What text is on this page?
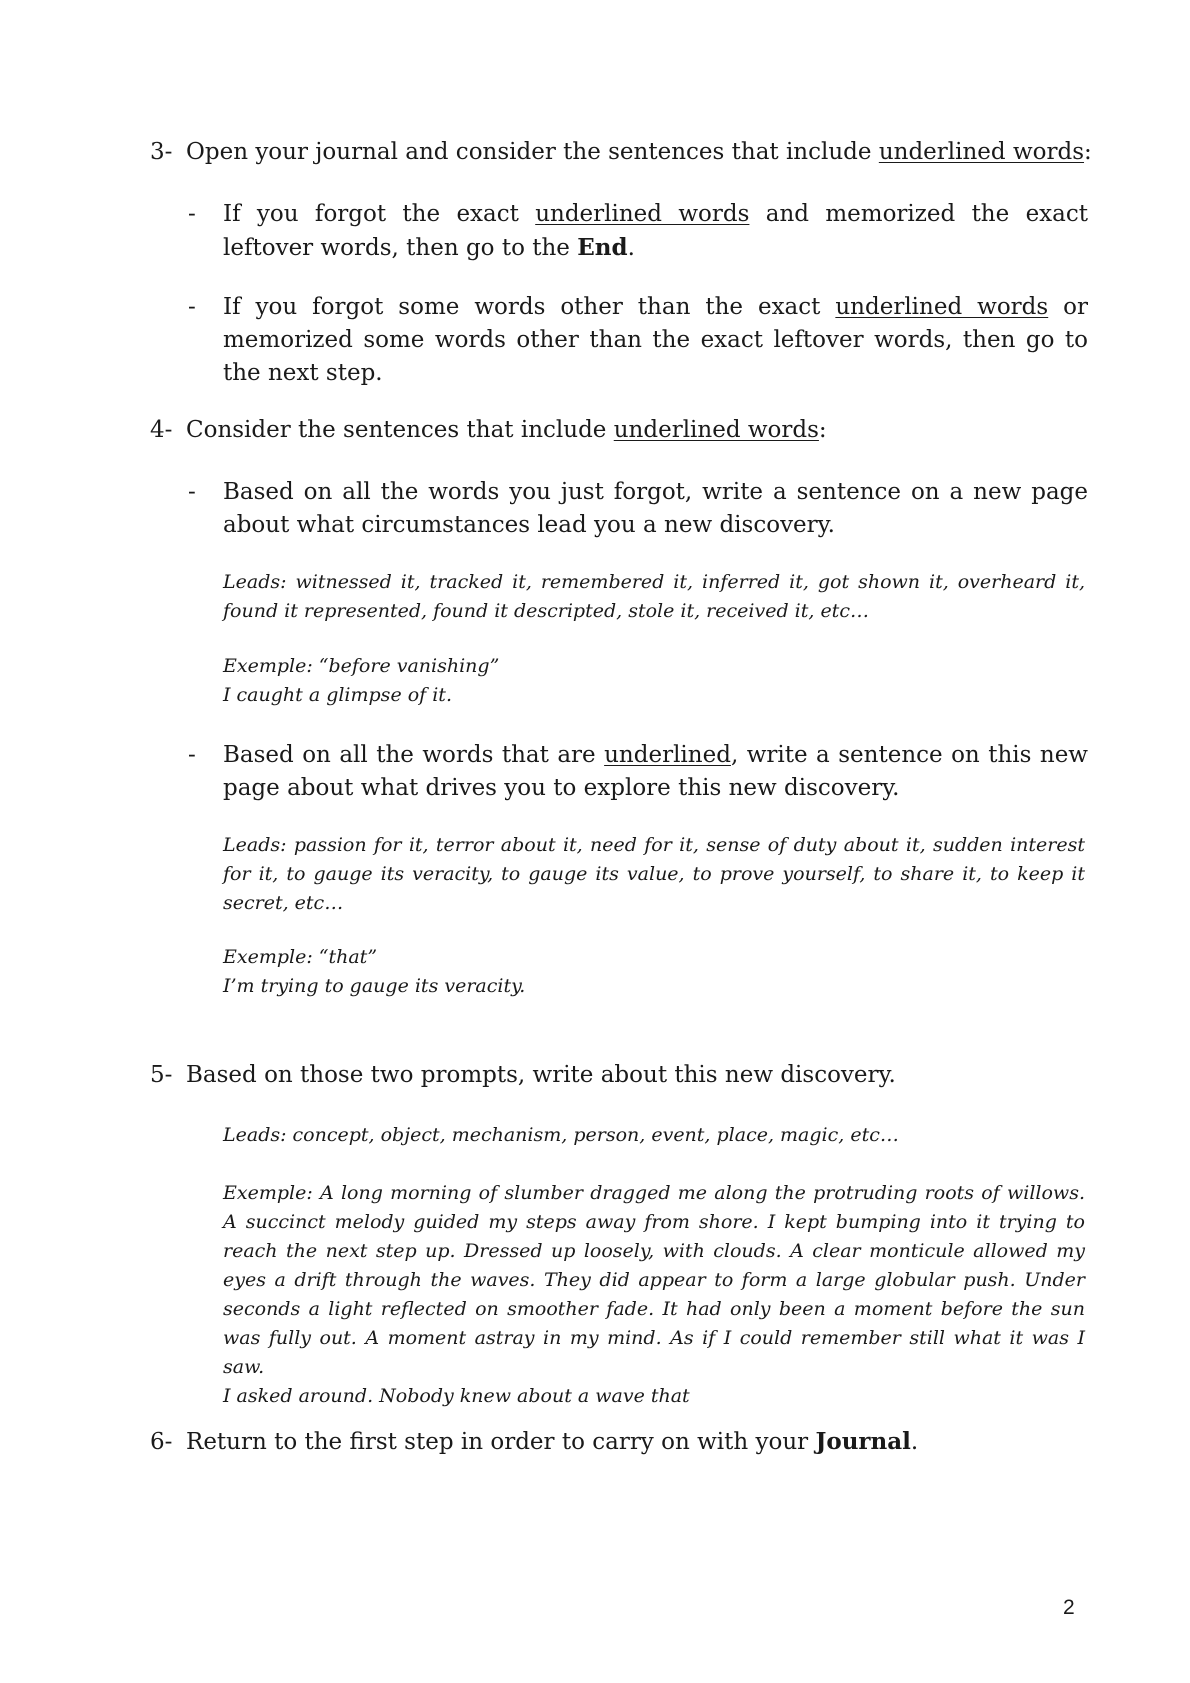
3- Open your journal and consider the sentences that include underlined words:
- If you forgot the exact underlined words and memorized the exact leftover words, then go to the End.
- If you forgot some words other than the exact underlined words or memorized some words other than the exact leftover words, then go to the next step.
4- Consider the sentences that include underlined words:
- Based on all the words you just forgot, write a sentence on a new page about what circumstances lead you a new discovery.
Leads: witnessed it, tracked it, remembered it, inferred it, got shown it, overheard it, found it represented, found it descripted, stole it, received it, etc…
Exemple: “before vanishing”
I caught a glimpse of it.
- Based on all the words that are underlined, write a sentence on this new page about what drives you to explore this new discovery.
Leads: passion for it, terror about it, need for it, sense of duty about it, sudden interest for it, to gauge its veracity, to gauge its value, to prove yourself, to share it, to keep it secret, etc…
Exemple: “that”
I’m trying to gauge its veracity.
5- Based on those two prompts, write about this new discovery.
Leads: concept, object, mechanism, person, event, place, magic, etc…
Exemple: A long morning of slumber dragged me along the protruding roots of willows. A succinct melody guided my steps away from shore. I kept bumping into it trying to reach the next step up. Dressed up loosely, with clouds. A clear monticule allowed my eyes a drift through the waves. They did appear to form a large globular push. Under seconds a light reflected on smoother fade. It had only been a moment before the sun was fully out. A moment astray in my mind. As if I could remember still what it was I saw.
I asked around. Nobody knew about a wave that
6- Return to the first step in order to carry on with your Journal.
2
